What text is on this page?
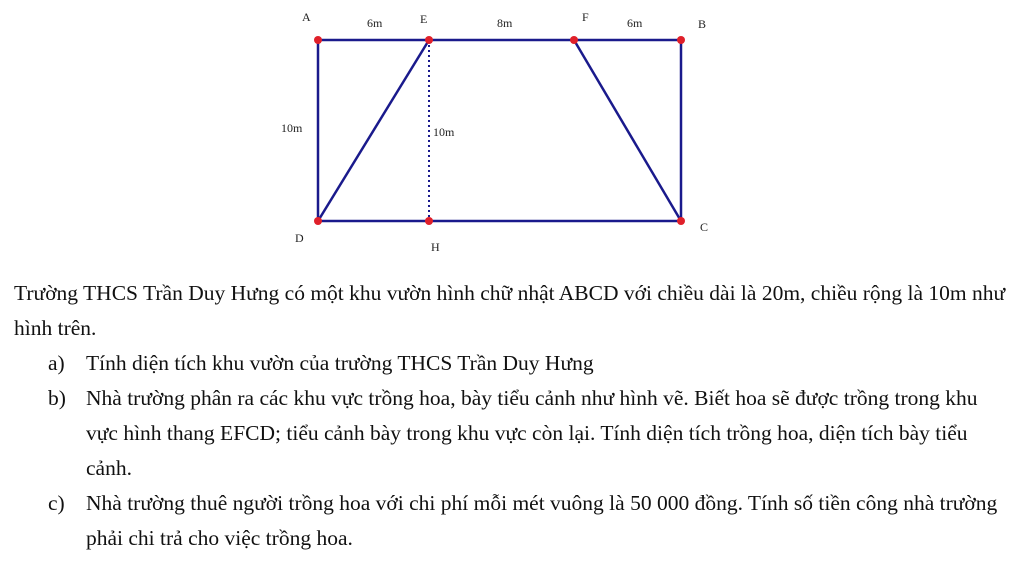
A	E	F	B
C
D
H
6m	8m	6m
10m	10m

Trường THCS Trần Duy Hưng có một khu vườn hình chữ nhật ABCD với chiều dài là 20m, chiều rộng là 10m như hình trên.

a) Tính diện tích khu vườn của trường THCS Trần Duy Hưng
b) Nhà trường phân ra các khu vực trồng hoa, bày tiểu cảnh như hình vẽ. Biết hoa sẽ được trồng trong khu vực hình thang EFCD; tiểu cảnh bày trong khu vực còn lại. Tính diện tích trồng hoa, diện tích bày tiểu cảnh.
c) Nhà trường thuê người trồng hoa với chi phí mỗi mét vuông là 50 000 đồng. Tính số tiền công nhà trường phải chi trả cho việc trồng hoa.
